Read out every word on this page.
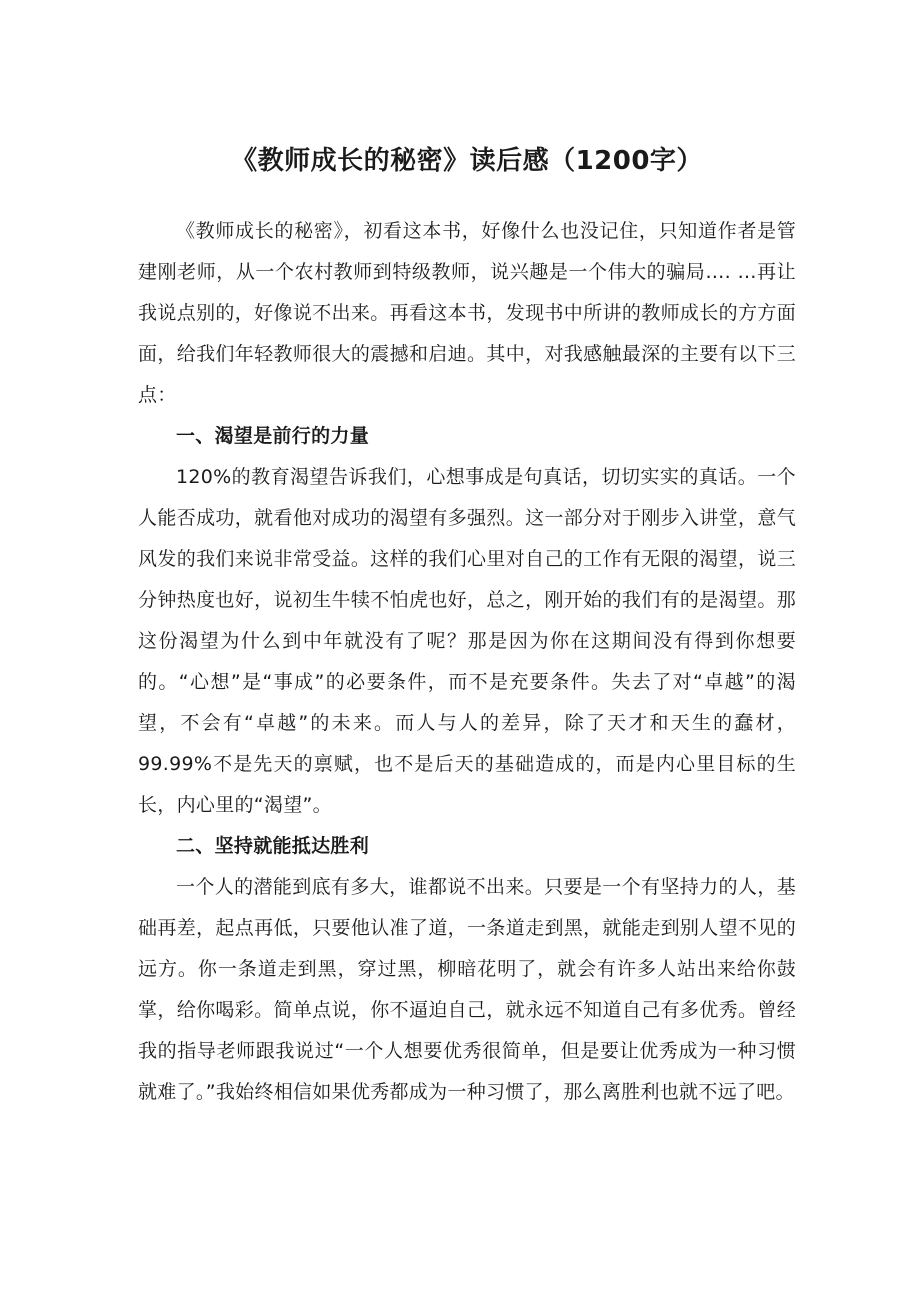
《教师成长的秘密》读后感（1200字）

《教师成长的秘密》，初看这本书，好像什么也没记住，只知道作者是管建刚老师，从一个农村教师到特级教师，说兴趣是一个伟大的骗局…. …再让我说点别的，好像说不出来。再看这本书，发现书中所讲的教师成长的方方面面，给我们年轻教师很大的震撼和启迪。其中，对我感触最深的主要有以下三点：

一、渴望是前行的力量

120%的教育渴望告诉我们，心想事成是句真话，切切实实的真话。一个人能否成功，就看他对成功的渴望有多强烈。这一部分对于刚步入讲堂，意气风发的我们来说非常受益。这样的我们心里对自己的工作有无限的渴望，说三分钟热度也好，说初生牛犊不怕虎也好，总之，刚开始的我们有的是渴望。那这份渴望为什么到中年就没有了呢？那是因为你在这期间没有得到你想要的。“心想”是“事成”的必要条件，而不是充要条件。失去了对“卓越”的渴望，不会有“卓越”的未来。而人与人的差异，除了天才和天生的蠢材，99.99%不是先天的禀赋，也不是后天的基础造成的，而是内心里目标的生长，内心里的“渴望”。

二、坚持就能抵达胜利

一个人的潜能到底有多大，谁都说不出来。只要是一个有坚持力的人，基础再差，起点再低，只要他认准了道，一条道走到黑，就能走到别人望不见的远方。你一条道走到黑，穿过黑，柳暗花明了，就会有许多人站出来给你鼓掌，给你喝彩。简单点说，你不逼迫自己，就永远不知道自己有多优秀。曾经我的指导老师跟我说过“一个人想要优秀很简单，但是要让优秀成为一种习惯就难了。”我始终相信如果优秀都成为一种习惯了，那么离胜利也就不远了吧。
